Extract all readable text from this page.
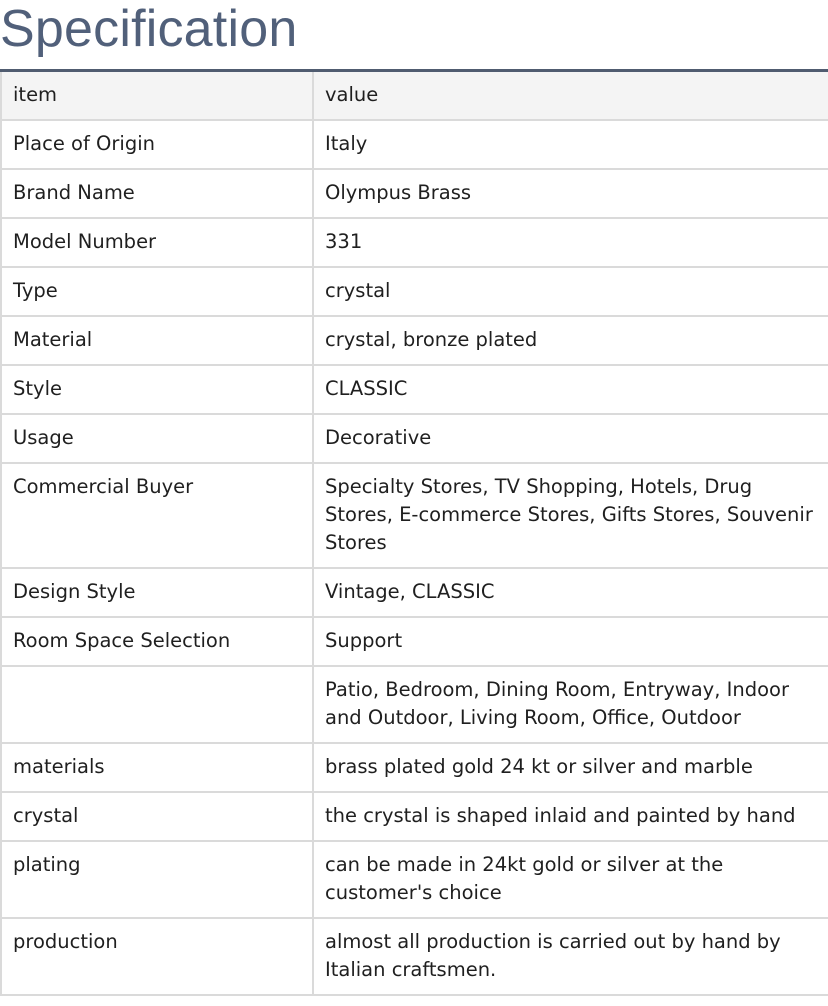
Specification
item	value
Place of Origin	Italy
Brand Name	Olympus Brass
Model Number	331
Type	crystal
Material	crystal, bronze plated
Style	CLASSIC
Usage	Decorative
Commercial Buyer	Specialty Stores, TV Shopping, Hotels, Drug Stores, E-commerce Stores, Gifts Stores, Souvenir Stores
Design Style	Vintage, CLASSIC
Room Space Selection	Support
	Patio, Bedroom, Dining Room, Entryway, Indoor and Outdoor, Living Room, Office, Outdoor
materials	brass plated gold 24 kt or silver and marble
crystal	the crystal is shaped inlaid and painted by hand
plating	can be made in 24kt gold or silver at the customer's choice
production	almost all production is carried out by hand by Italian craftsmen.
